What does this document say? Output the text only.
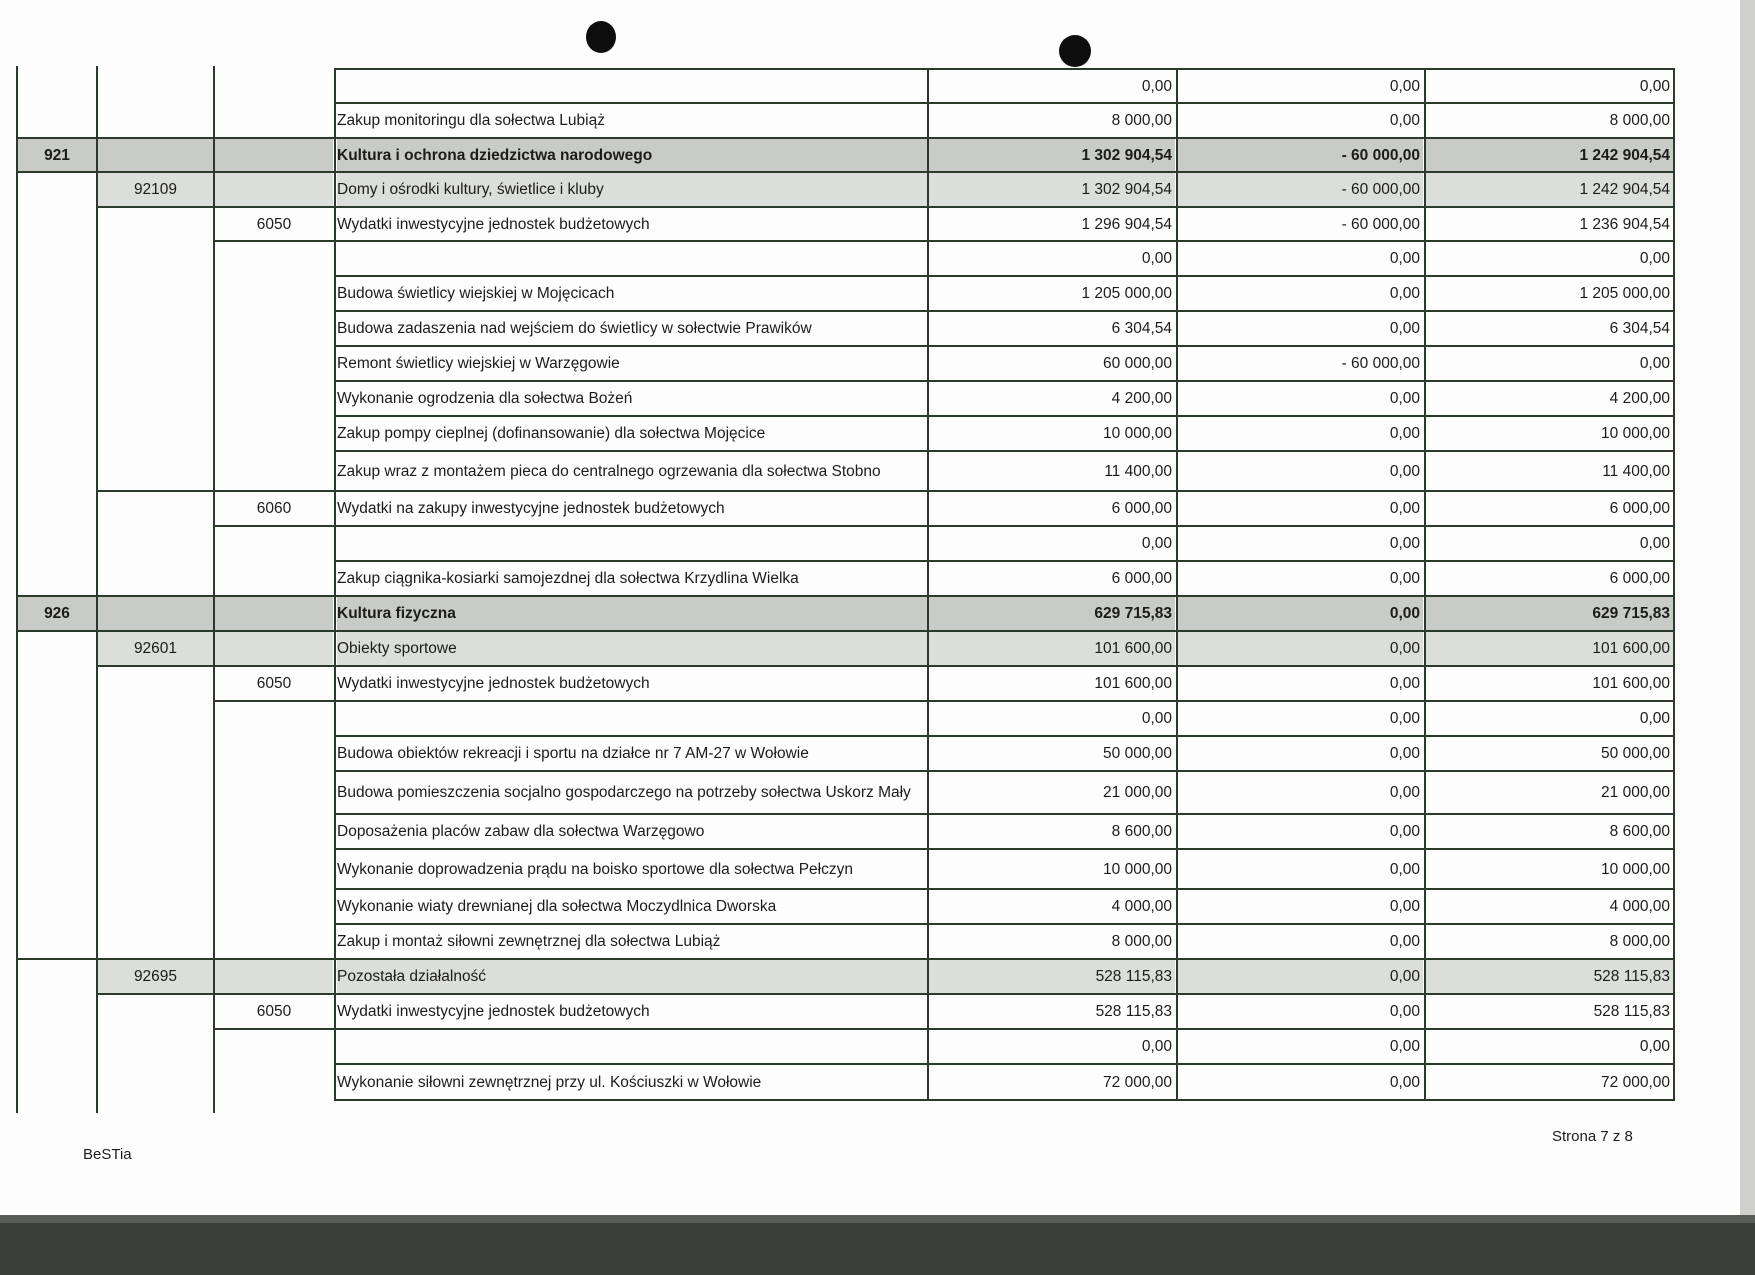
0,00	0,00	0,00
Zakup monitoringu dla sołectwa Lubiąż	8 000,00	0,00	8 000,00
921	Kultura i ochrona dziedzictwa narodowego	1 302 904,54	- 60 000,00	1 242 904,54
92109	Domy i ośrodki kultury, świetlice i kluby	1 302 904,54	- 60 000,00	1 242 904,54
6050	Wydatki inwestycyjne jednostek budżetowych	1 296 904,54	- 60 000,00	1 236 904,54
0,00	0,00	0,00
Budowa świetlicy wiejskiej w Mojęcicach	1 205 000,00	0,00	1 205 000,00
Budowa zadaszenia nad wejściem do świetlicy w sołectwie Prawików	6 304,54	0,00	6 304,54
Remont świetlicy wiejskiej w Warzęgowie	60 000,00	- 60 000,00	0,00
Wykonanie ogrodzenia dla sołectwa Bożeń	4 200,00	0,00	4 200,00
Zakup pompy cieplnej (dofinansowanie) dla sołectwa Mojęcice	10 000,00	0,00	10 000,00
Zakup wraz z montażem pieca do centralnego ogrzewania dla sołectwa Stobno	11 400,00	0,00	11 400,00
6060	Wydatki na zakupy inwestycyjne jednostek budżetowych	6 000,00	0,00	6 000,00
0,00	0,00	0,00
Zakup ciągnika-kosiarki samojezdnej dla sołectwa Krzydlina Wielka	6 000,00	0,00	6 000,00
926	Kultura fizyczna	629 715,83	0,00	629 715,83
92601	Obiekty sportowe	101 600,00	0,00	101 600,00
6050	Wydatki inwestycyjne jednostek budżetowych	101 600,00	0,00	101 600,00
0,00	0,00	0,00
Budowa obiektów rekreacji i sportu na działce nr 7 AM-27 w Wołowie	50 000,00	0,00	50 000,00
Budowa pomieszczenia socjalno gospodarczego na potrzeby sołectwa Uskorz Mały	21 000,00	0,00	21 000,00
Doposażenia placów zabaw dla sołectwa Warzęgowo	8 600,00	0,00	8 600,00
Wykonanie doprowadzenia prądu na boisko sportowe dla sołectwa Pełczyn	10 000,00	0,00	10 000,00
Wykonanie wiaty drewnianej dla sołectwa Moczydlnica Dworska	4 000,00	0,00	4 000,00
Zakup i montaż siłowni zewnętrznej dla sołectwa Lubiąż	8 000,00	0,00	8 000,00
92695	Pozostała działalność	528 115,83	0,00	528 115,83
6050	Wydatki inwestycyjne jednostek budżetowych	528 115,83	0,00	528 115,83
0,00	0,00	0,00
Wykonanie siłowni zewnętrznej przy ul. Kościuszki w Wołowie	72 000,00	0,00	72 000,00
BeSTia
Strona 7 z 8
